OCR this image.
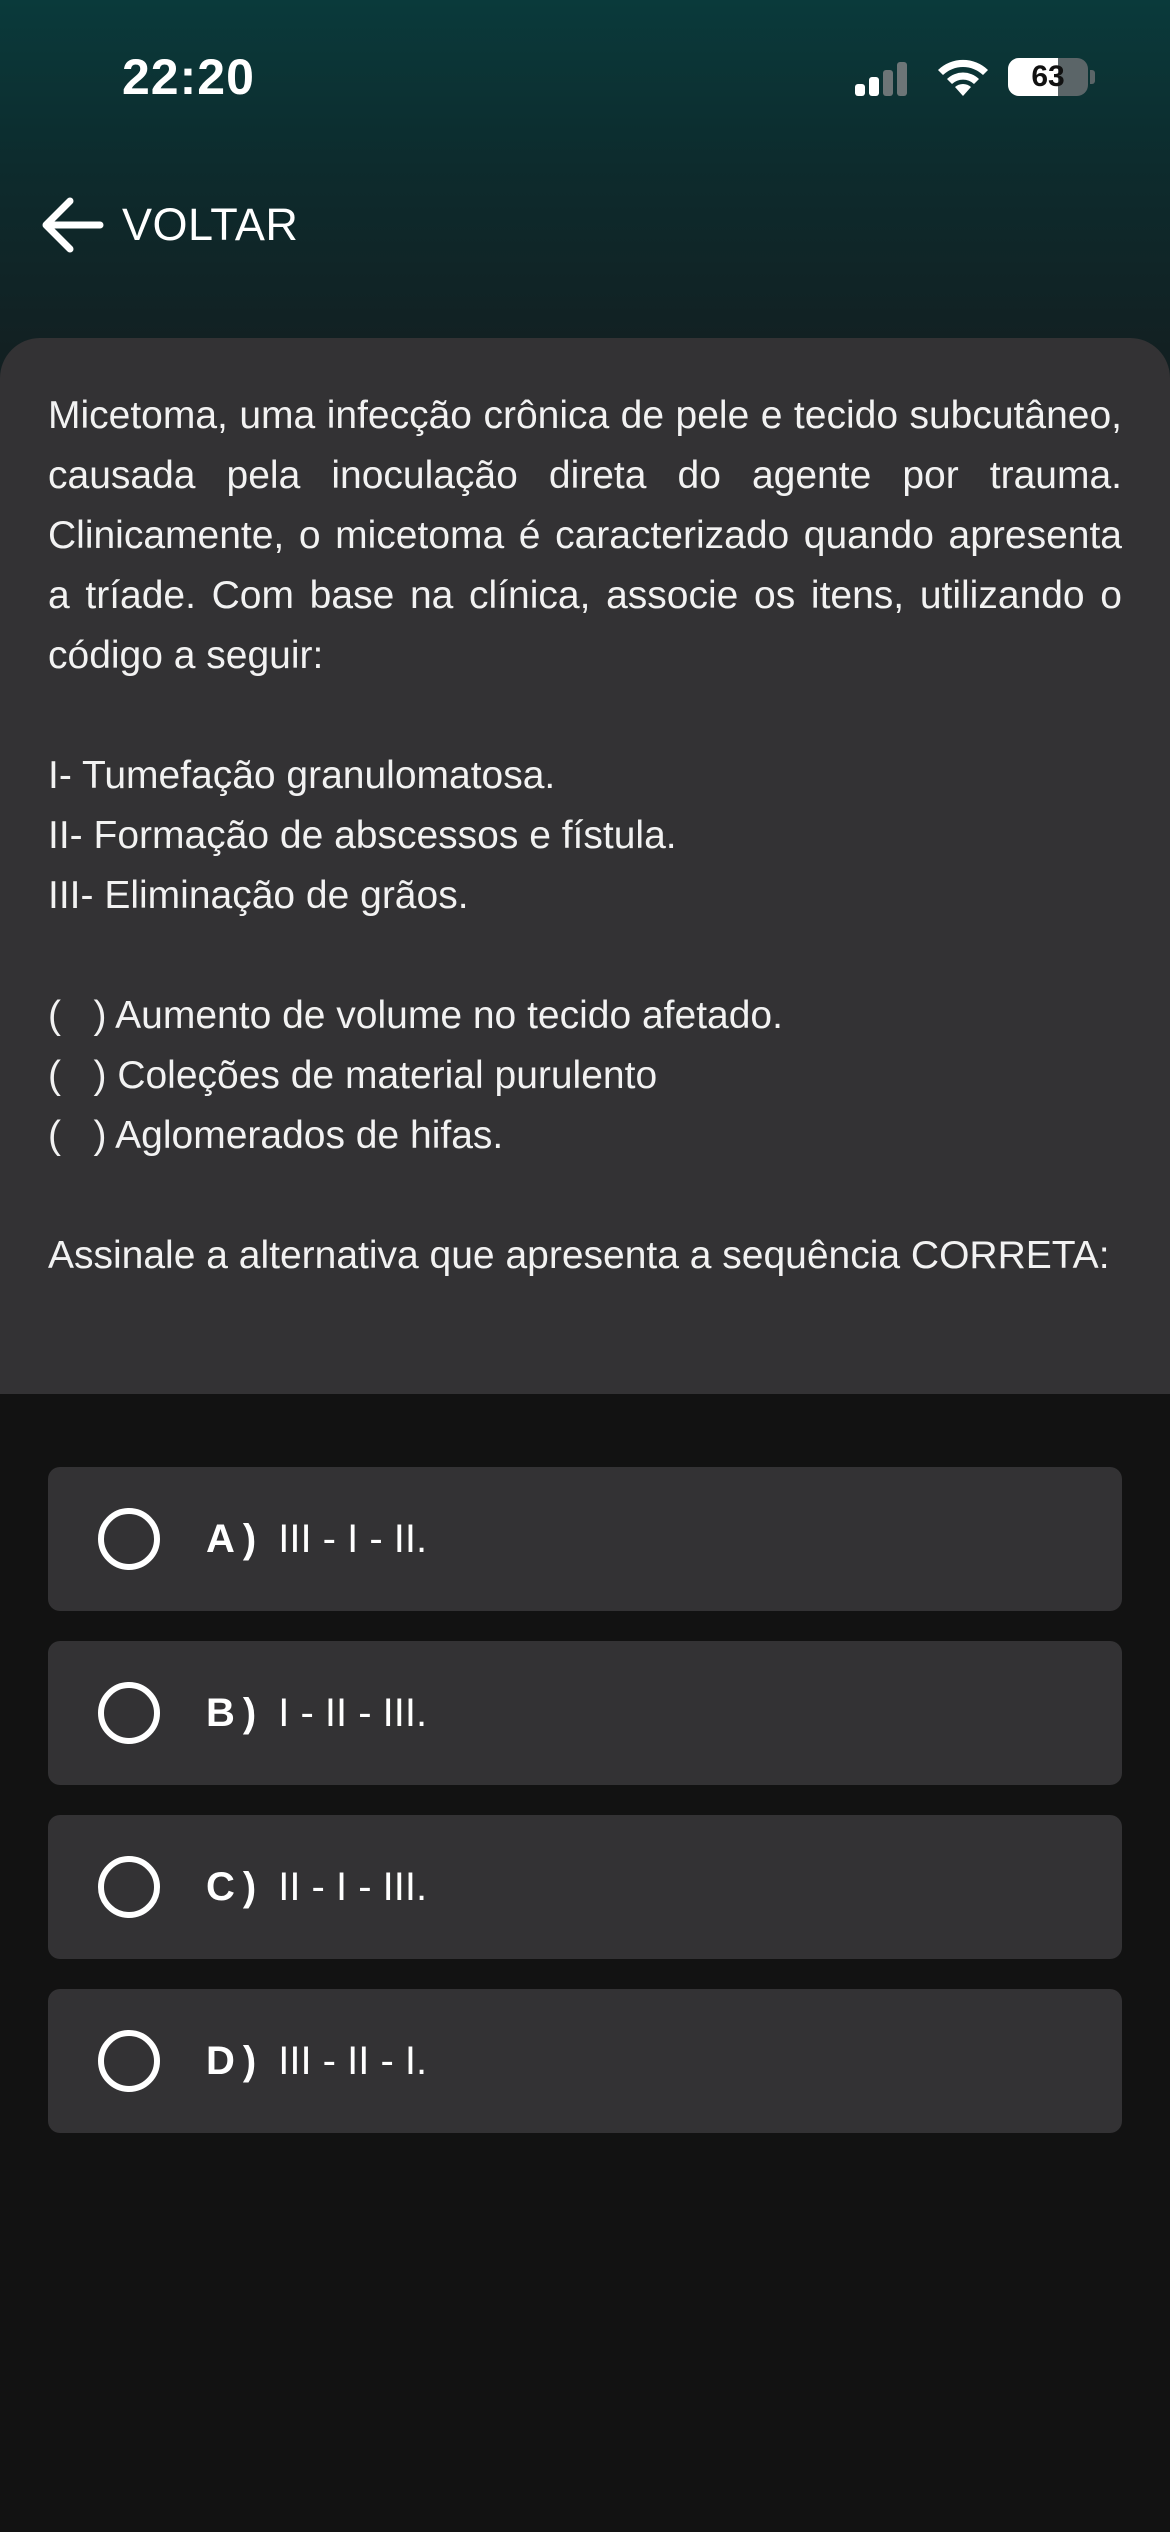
22:20	63
VOLTAR

Micetoma, uma infecção crônica de pele e tecido subcutâneo, causada pela inoculação direta do agente por trauma. Clinicamente, o micetoma é caracterizado quando apresenta a tríade. Com base na clínica, associe os itens, utilizando o código a seguir:

I- Tumefação granulomatosa.
II- Formação de abscessos e fístula.
III- Eliminação de grãos.
(   ) Aumento de volume no tecido afetado.
(   ) Coleções de material purulento
(   ) Aglomerados de hifas.

Assinale a alternativa que apresenta a sequência CORRETA:

A ) III - I - II.
B ) I - II - III.
C ) II - I - III.
D ) III - II - I.
